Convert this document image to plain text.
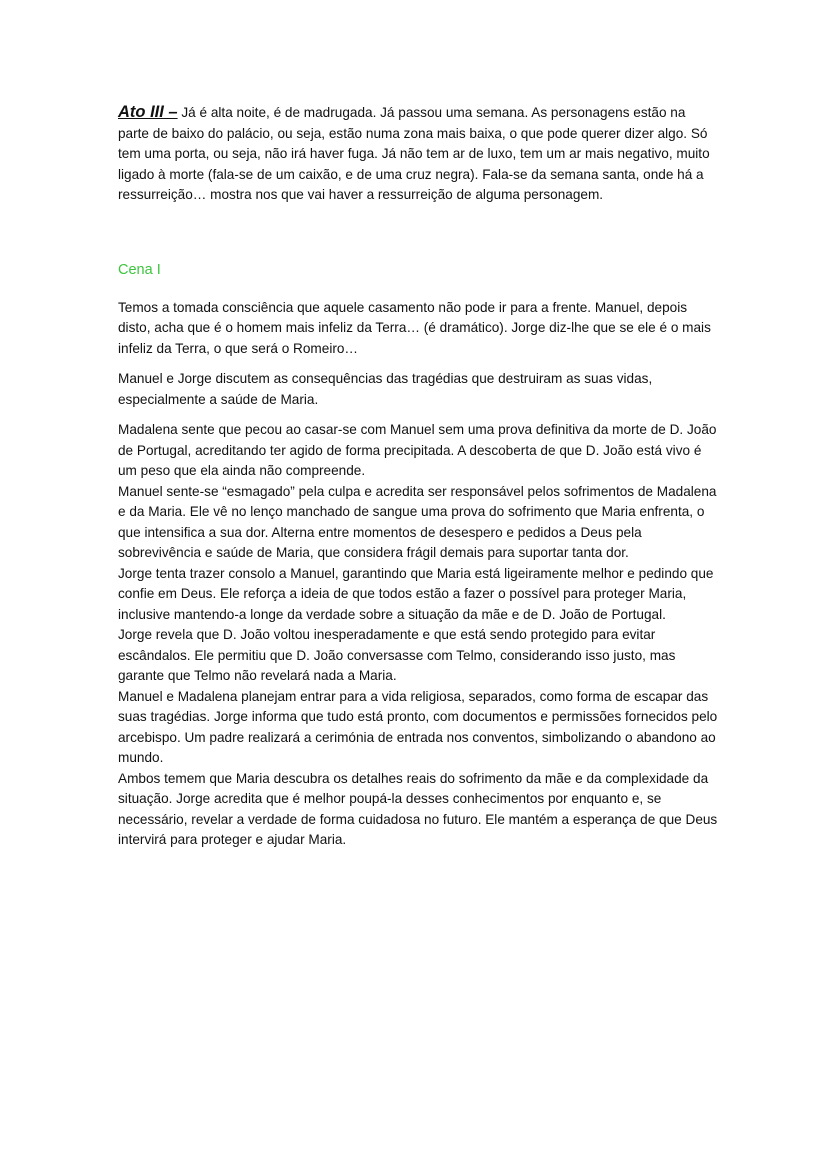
Ato III – Já é alta noite, é de madrugada. Já passou uma semana. As personagens estão na parte de baixo do palácio, ou seja, estão numa zona mais baixa, o que pode querer dizer algo. Só tem uma porta, ou seja, não irá haver fuga. Já não tem ar de luxo, tem um ar mais negativo, muito ligado à morte (fala-se de um caixão, e de uma cruz negra). Fala-se da semana santa, onde há a ressurreição… mostra nos que vai haver a ressurreição de alguma personagem.

Cena I

Temos a tomada consciência que aquele casamento não pode ir para a frente. Manuel, depois disto, acha que é o homem mais infeliz da Terra… (é dramático). Jorge diz-lhe que se ele é o mais infeliz da Terra, o que será o Romeiro…

Manuel e Jorge discutem as consequências das tragédias que destruiram as suas vidas, especialmente a saúde de Maria.

Madalena sente que pecou ao casar-se com Manuel sem uma prova definitiva da morte de D. João de Portugal, acreditando ter agido de forma precipitada. A descoberta de que D. João está vivo é um peso que ela ainda não compreende.
Manuel sente-se “esmagado” pela culpa e acredita ser responsável pelos sofrimentos de Madalena e da Maria. Ele vê no lenço manchado de sangue uma prova do sofrimento que Maria enfrenta, o que intensifica a sua dor. Alterna entre momentos de desespero e pedidos a Deus pela sobrevivência e saúde de Maria, que considera frágil demais para suportar tanta dor.
Jorge tenta trazer consolo a Manuel, garantindo que Maria está ligeiramente melhor e pedindo que confie em Deus. Ele reforça a ideia de que todos estão a fazer o possível para proteger Maria, inclusive mantendo-a longe da verdade sobre a situação da mãe e de D. João de Portugal.
Jorge revela que D. João voltou inesperadamente e que está sendo protegido para evitar escândalos. Ele permitiu que D. João conversasse com Telmo, considerando isso justo, mas garante que Telmo não revelará nada a Maria.
Manuel e Madalena planejam entrar para a vida religiosa, separados, como forma de escapar das suas tragédias. Jorge informa que tudo está pronto, com documentos e permissões fornecidos pelo arcebispo. Um padre realizará a cerimónia de entrada nos conventos, simbolizando o abandono ao mundo.
Ambos temem que Maria descubra os detalhes reais do sofrimento da mãe e da complexidade da situação. Jorge acredita que é melhor poupá-la desses conhecimentos por enquanto e, se necessário, revelar a verdade de forma cuidadosa no futuro. Ele mantém a esperança de que Deus intervirá para proteger e ajudar Maria.
